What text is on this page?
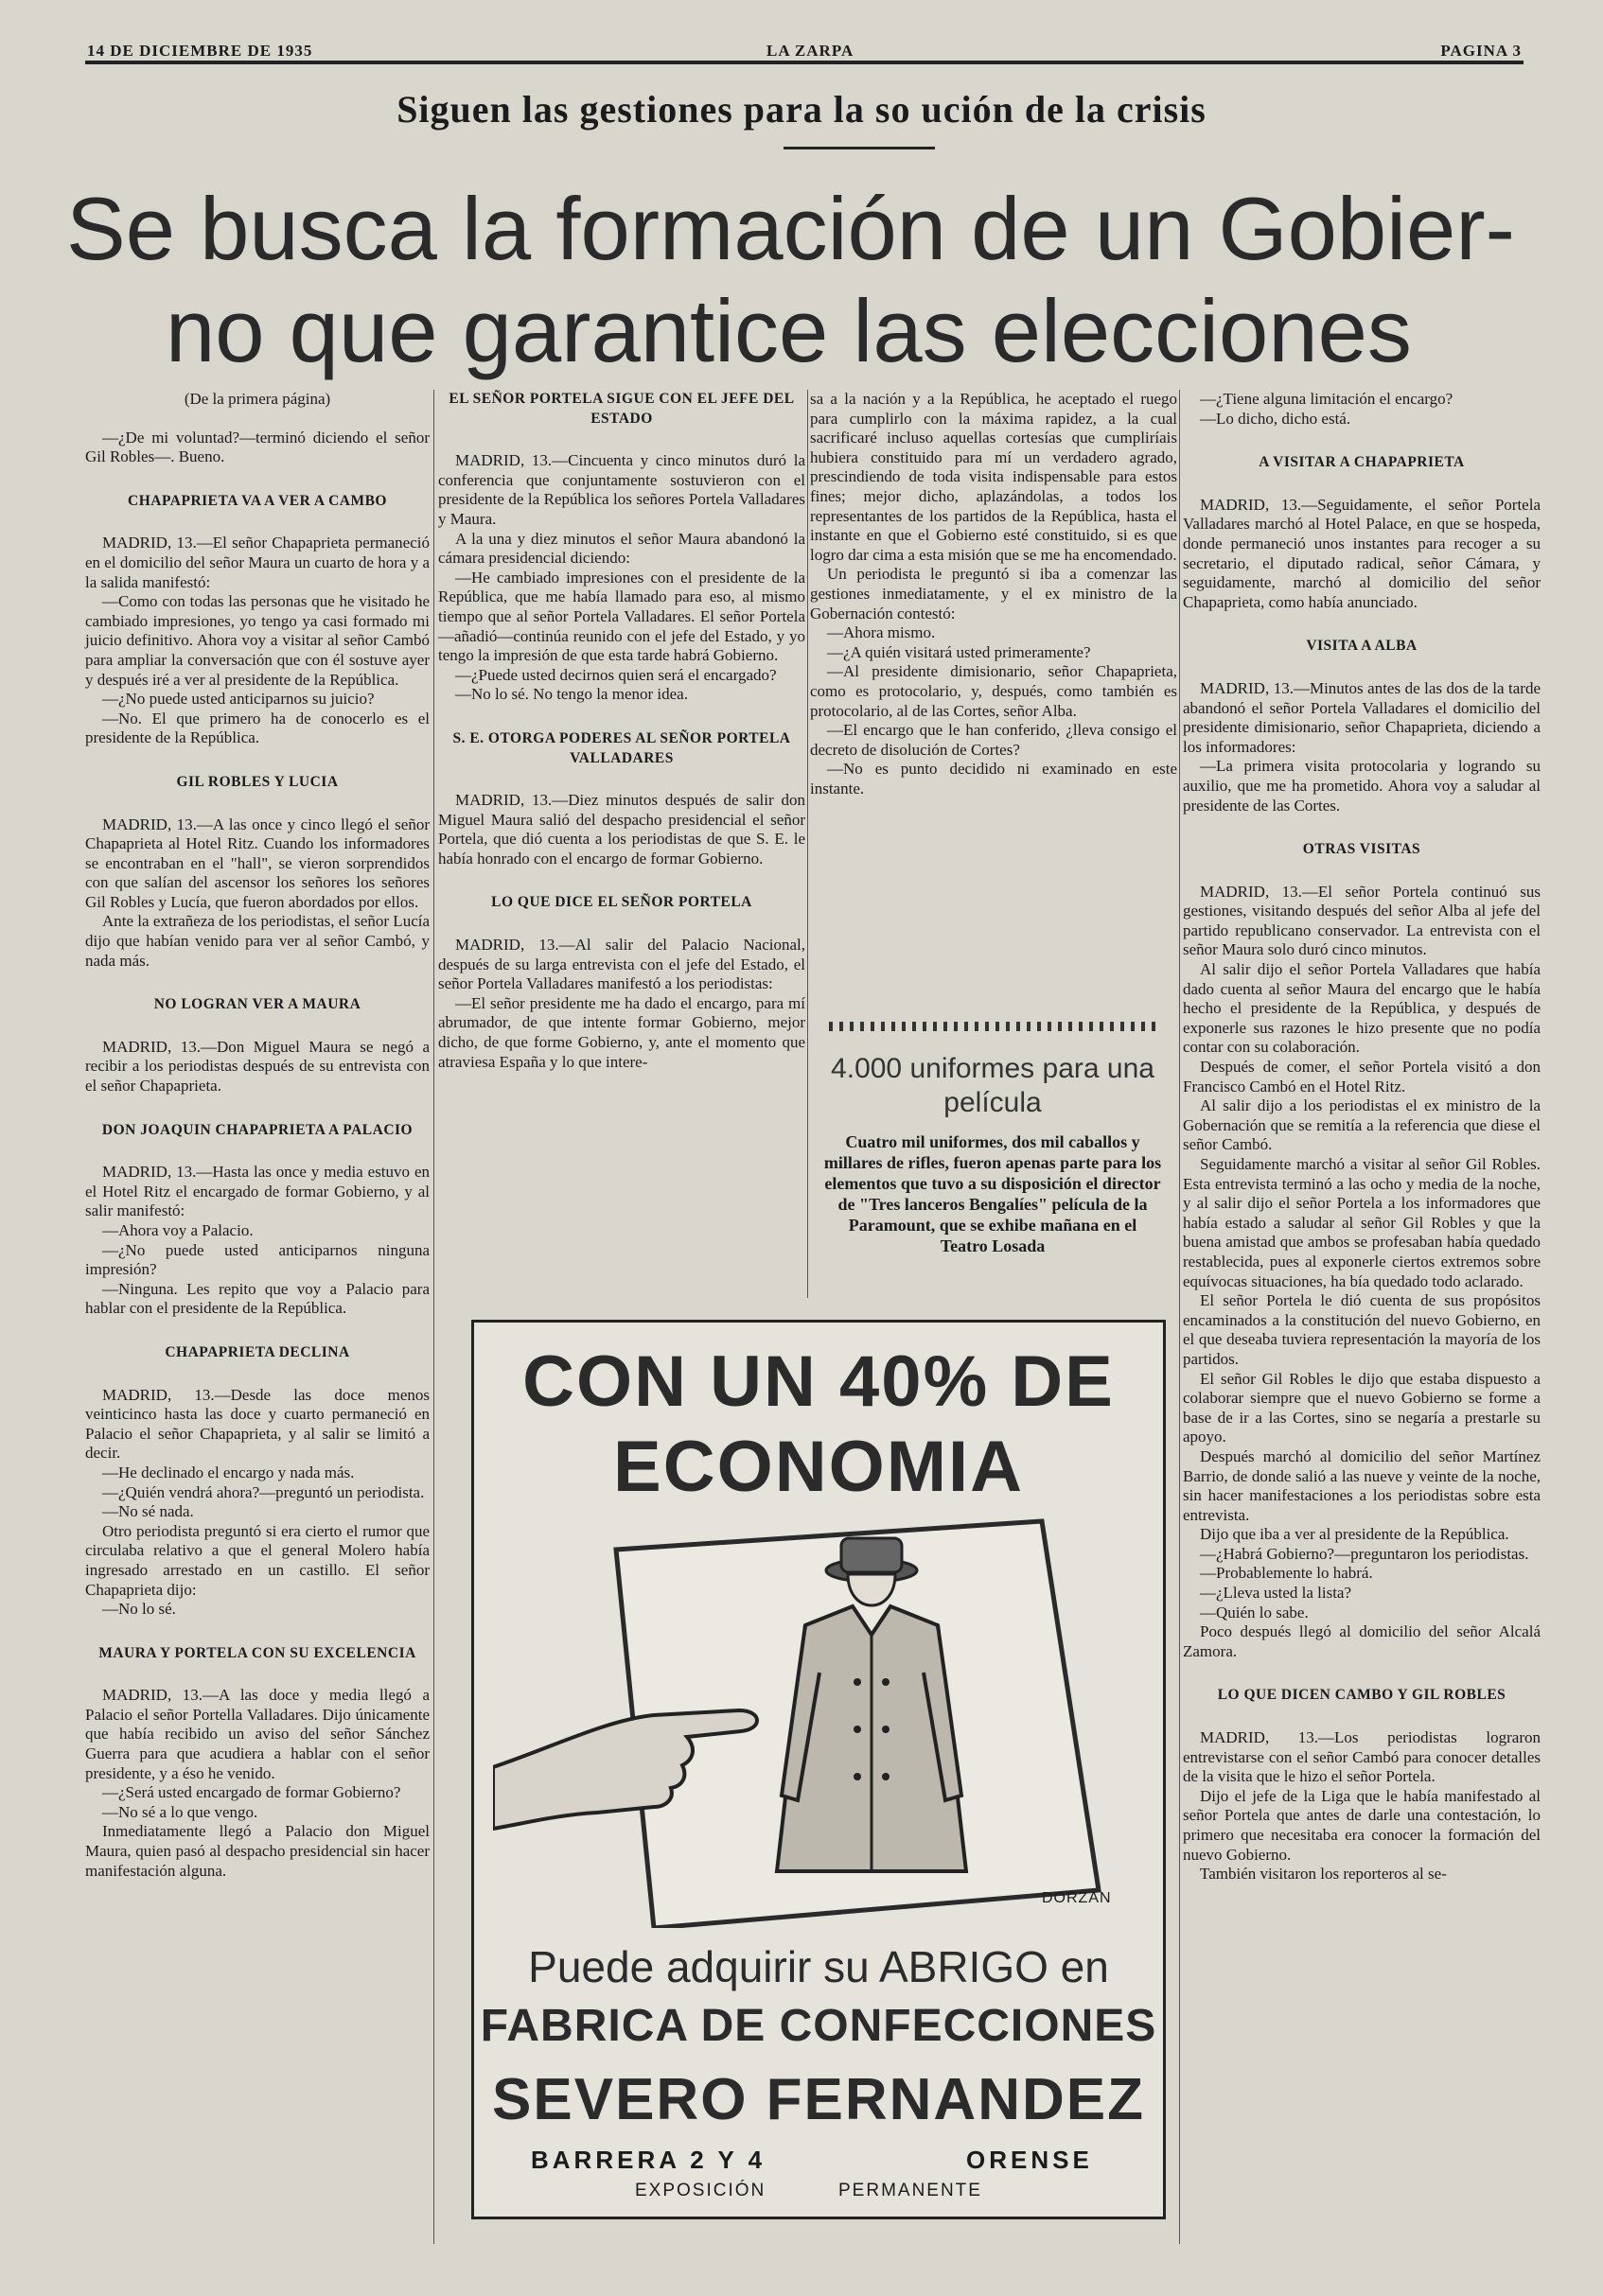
14 DE DICIEMBRE DE 1935	LA ZARPA	PAGINA 3
Siguen las gestiones para la so ución de la crisis
Se busca la formación de un Gobier-
no que garantice las elecciones

(De la primera página)

—¿De mi voluntad?—terminó diciendo el señor Gil Robles—. Bueno.

CHAPAPRIETA VA A VER A CAMBO

MADRID, 13.—El señor Chapaprieta permaneció en el domicilio del señor Maura un cuarto de hora y a la salida manifestó:

—Como con todas las personas que he visitado he cambiado impresiones, yo tengo ya casi formado mi juicio definitivo. Ahora voy a visitar al señor Cambó para ampliar la conversación que con él sostuve ayer y después iré a ver al presidente de la República.

—¿No puede usted anticiparnos su juicio?

—No. El que primero ha de conocerlo es el presidente de la República.

GIL ROBLES Y LUCIA

MADRID, 13.—A las once y cinco llegó el señor Chapaprieta al Hotel Ritz. Cuando los informadores se encontraban en el "hall", se vieron sorprendidos con que salían del ascensor los señores los señores Gil Robles y Lucía, que fueron abordados por ellos.

Ante la extrañeza de los periodistas, el señor Lucía dijo que habían venido para ver al señor Cambó, y nada más.

NO LOGRAN VER A MAURA

MADRID, 13.—Don Miguel Maura se negó a recibir a los periodistas después de su entrevista con el señor Chapaprieta.

DON JOAQUIN CHAPAPRIETA A PALACIO

MADRID, 13.—Hasta las once y media estuvo en el Hotel Ritz el encargado de formar Gobierno, y al salir manifestó:

—Ahora voy a Palacio.

—¿No puede usted anticiparnos ninguna impresión?

—Ninguna. Les repito que voy a Palacio para hablar con el presidente de la República.

CHAPAPRIETA DECLINA

MADRID, 13.—Desde las doce menos veinticinco hasta las doce y cuarto permaneció en Palacio el señor Chapaprieta, y al salir se limitó a decir.

—He declinado el encargo y nada más.

—¿Quién vendrá ahora?—preguntó un periodista.

—No sé nada.

Otro periodista preguntó si era cierto el rumor que circulaba relativo a que el general Molero había ingresado arrestado en un castillo. El señor Chapaprieta dijo:

—No lo sé.

MAURA Y PORTELA CON SU EXCELENCIA

MADRID, 13.—A las doce y media llegó a Palacio el señor Portella Valladares. Dijo únicamente que había recibido un aviso del señor Sánchez Guerra para que acudiera a hablar con el señor presidente, y a éso he venido.

—¿Será usted encargado de formar Gobierno?

—No sé a lo que vengo.

Inmediatamente llegó a Palacio don Miguel Maura, quien pasó al despacho presidencial sin hacer manifestación alguna.

EL SEÑOR PORTELA SIGUE CON EL JEFE DEL ESTADO

MADRID, 13.—Cincuenta y cinco minutos duró la conferencia que conjuntamente sostuvieron con el presidente de la República los señores Portela Valladares y Maura.

A la una y diez minutos el señor Maura abandonó la cámara presidencial diciendo:

—He cambiado impresiones con el presidente de la República, que me había llamado para eso, al mismo tiempo que al señor Portela Valladares. El señor Portela—añadió—continúa reunido con el jefe del Estado, y yo tengo la impresión de que esta tarde habrá Gobierno.

—¿Puede usted decirnos quien será el encargado?

—No lo sé. No tengo la menor idea.

S. E. OTORGA PODERES AL SEÑOR PORTELA VALLADARES

MADRID, 13.—Diez minutos después de salir don Miguel Maura salió del despacho presidencial el señor Portela, que dió cuenta a los periodistas de que S. E. le había honrado con el encargo de formar Gobierno.

LO QUE DICE EL SEÑOR PORTELA

MADRID, 13.—Al salir del Palacio Nacional, después de su larga entrevista con el jefe del Estado, el señor Portela Valladares manifestó a los periodistas:

—El señor presidente me ha dado el encargo, para mí abrumador, de que intente formar Gobierno, mejor dicho, de que forme Gobierno, y, ante el momento que atraviesa España y lo que intere-

sa a la nación y a la República, he aceptado el ruego para cumplirlo con la máxima rapidez, a la cual sacrificaré incluso aquellas cortesías que cumpliríais hubiera constituido para mí un verdadero agrado, prescindiendo de toda visita indispensable para estos fines; mejor dicho, aplazándolas, a todos los representantes de los partidos de la República, hasta el instante en que el Gobierno esté constituido, si es que logro dar cima a esta misión que se me ha encomendado.

Un periodista le preguntó si iba a comenzar las gestiones inmediatamente, y el ex ministro de la Gobernación contestó:

—Ahora mismo.

—¿A quién visitará usted primeramente?

—Al presidente dimisionario, señor Chapaprieta, como es protocolario, y, después, como también es protocolario, al de las Cortes, señor Alba.

—El encargo que le han conferido, ¿lleva consigo el decreto de disolución de Cortes?

—No es punto decidido ni examinado en este instante.

4.000 uniformes para una película
Cuatro mil uniformes, dos mil caballos y millares de rifles, fueron apenas parte para los elementos que tuvo a su disposición el director de "Tres lanceros Bengalíes" película de la Paramount, que se exhibe mañana en el Teatro Losada
CON UN 40% DE
ECONOMIA
DORZAN
Puede adquirir su ABRIGO en
FABRICA DE CONFECCIONES
SEVERO FERNANDEZ
BARRERA 2 Y 4	ORENSE
EXPOSICIÓN	PERMANENTE

—¿Tiene alguna limitación el encargo?

—Lo dicho, dicho está.

A VISITAR A CHAPAPRIETA

MADRID, 13.—Seguidamente, el señor Portela Valladares marchó al Hotel Palace, en que se hospeda, donde permaneció unos instantes para recoger a su secretario, el diputado radical, señor Cámara, y seguidamente, marchó al domicilio del señor Chapaprieta, como había anunciado.

VISITA A ALBA

MADRID, 13.—Minutos antes de las dos de la tarde abandonó el señor Portela Valladares el domicilio del presidente dimisionario, señor Chapaprieta, diciendo a los informadores:

—La primera visita protocolaria y logrando su auxilio, que me ha prometido. Ahora voy a saludar al presidente de las Cortes.

OTRAS VISITAS

MADRID, 13.—El señor Portela continuó sus gestiones, visitando después del señor Alba al jefe del partido republicano conservador. La entrevista con el señor Maura solo duró cinco minutos.

Al salir dijo el señor Portela Valladares que había dado cuenta al señor Maura del encargo que le había hecho el presidente de la República, y después de exponerle sus razones le hizo presente que no podía contar con su colaboración.

Después de comer, el señor Portela visitó a don Francisco Cambó en el Hotel Ritz.

Al salir dijo a los periodistas el ex ministro de la Gobernación que se remitía a la referencia que diese el señor Cambó.

Seguidamente marchó a visitar al señor Gil Robles. Esta entrevista terminó a las ocho y media de la noche, y al salir dijo el señor Portela a los informadores que había estado a saludar al señor Gil Robles y que la buena amistad que ambos se profesaban había quedado restablecida, pues al exponerle ciertos extremos sobre equívocas situaciones, ha bía quedado todo aclarado.

El señor Portela le dió cuenta de sus propósitos encaminados a la constitución del nuevo Gobierno, en el que deseaba tuviera representación la mayoría de los partidos.

El señor Gil Robles le dijo que estaba dispuesto a colaborar siempre que el nuevo Gobierno se forme a base de ir a las Cortes, sino se negaría a prestarle su apoyo.

Después marchó al domicilio del señor Martínez Barrio, de donde salió a las nueve y veinte de la noche, sin hacer manifestaciones a los periodistas sobre esta entrevista.

Dijo que iba a ver al presidente de la República.

—¿Habrá Gobierno?—preguntaron los periodistas.

—Probablemente lo habrá.

—¿Lleva usted la lista?

—Quién lo sabe.

Poco después llegó al domicilio del señor Alcalá Zamora.

LO QUE DICEN CAMBO Y GIL ROBLES

MADRID, 13.—Los periodistas lograron entrevistarse con el señor Cambó para conocer detalles de la visita que le hizo el señor Portela.

Dijo el jefe de la Liga que le había manifestado al señor Portela que antes de darle una contestación, lo primero que necesitaba era conocer la formación del nuevo Gobierno.

También visitaron los reporteros al se-
